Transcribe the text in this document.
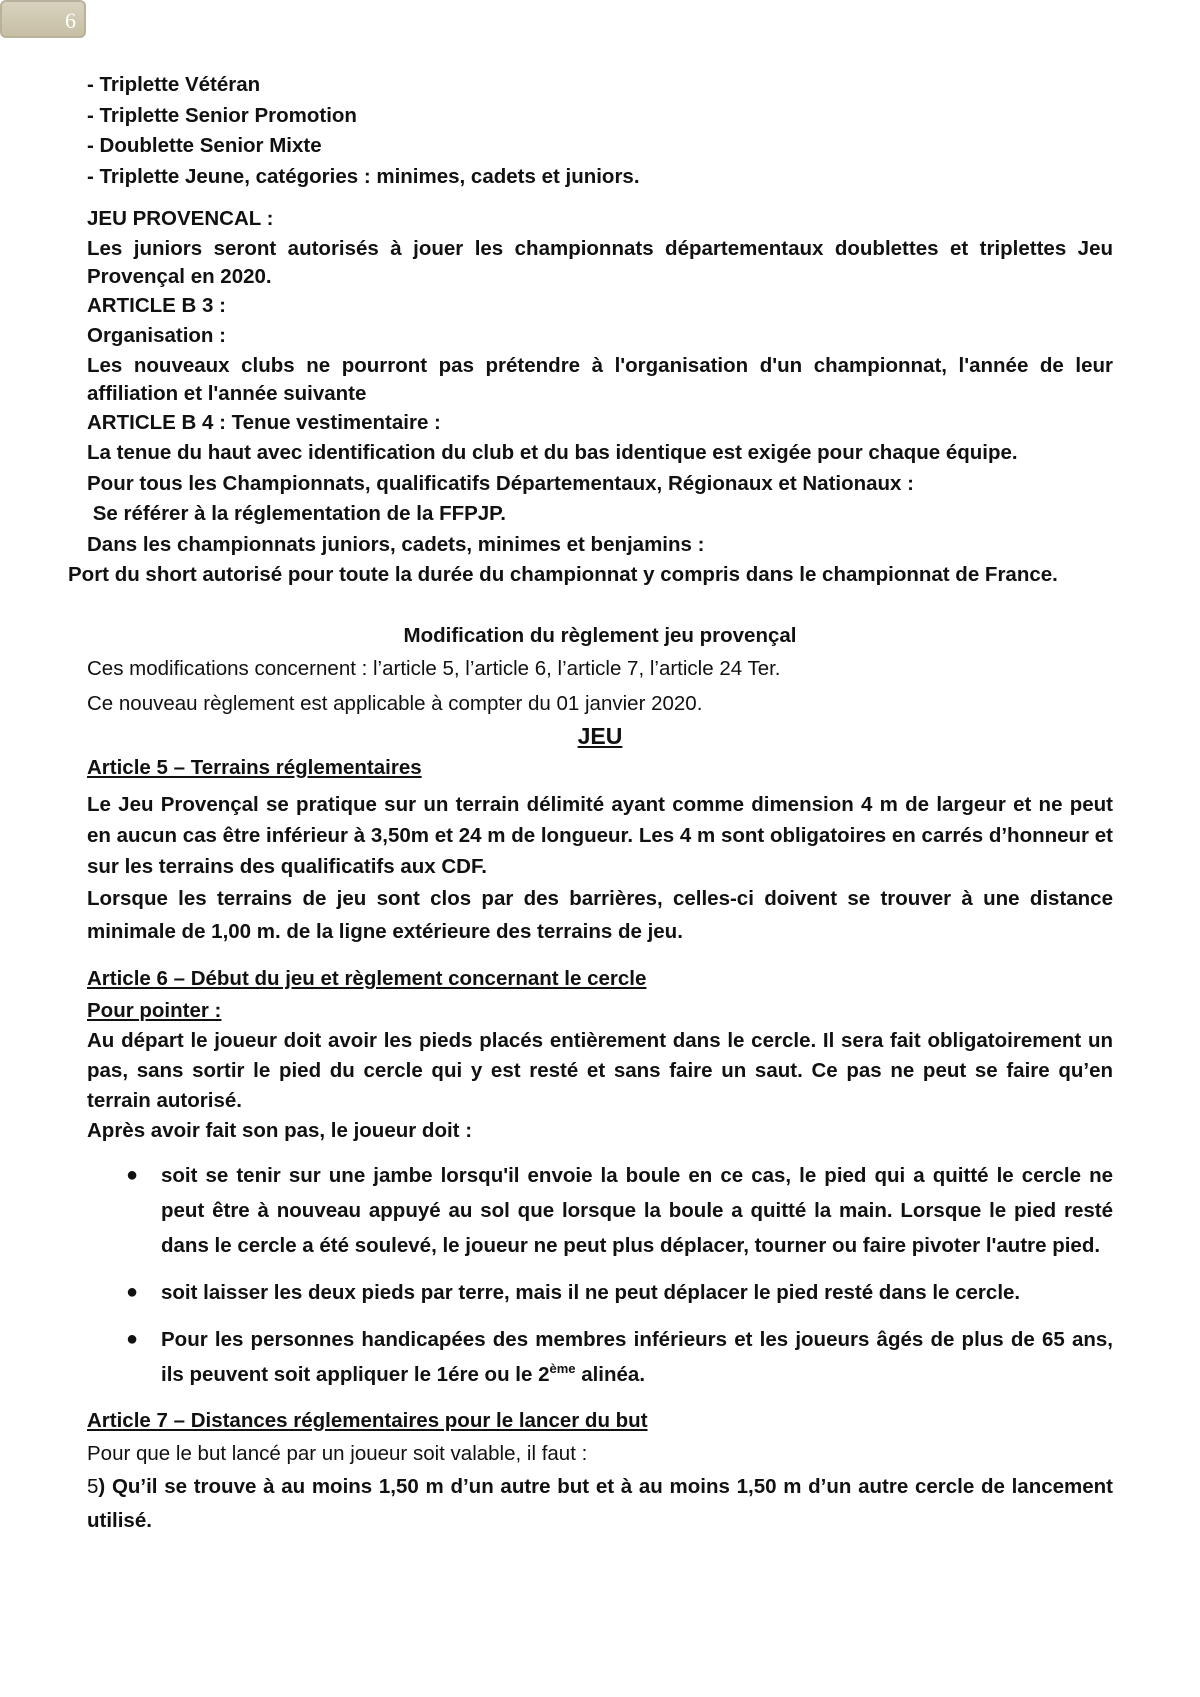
6

- Triplette Vétéran

- Triplette Senior Promotion

- Doublette Senior Mixte

- Triplette Jeune, catégories : minimes, cadets et juniors.

JEU PROVENCAL :

Les juniors seront autorisés à jouer les championnats départementaux doublettes et triplettes Jeu Provençal en 2020.

ARTICLE B 3 :

Organisation :

Les nouveaux clubs ne pourront pas prétendre à l'organisation d'un championnat, l'année de leur affiliation et l'année suivante

ARTICLE B 4 : Tenue vestimentaire :

La tenue du haut avec identification du club et du bas identique est exigée pour chaque équipe.

Pour tous les Championnats, qualificatifs Départementaux, Régionaux et Nationaux :

Se référer à la réglementation de la FFPJP.

Dans les championnats juniors, cadets, minimes et benjamins :

Port du short autorisé pour toute la durée du championnat y compris dans le championnat de France.

Modification du règlement jeu provençal

Ces modifications concernent : l’article 5, l’article 6, l’article 7, l’article 24 Ter.

Ce nouveau règlement est applicable à compter du 01 janvier 2020.

JEU

Article 5 – Terrains réglementaires

Le Jeu Provençal se pratique sur un terrain délimité ayant comme dimension 4 m de largeur et ne peut en aucun cas être inférieur à 3,50m et 24 m de longueur. Les 4 m sont obligatoires en carrés d’honneur et sur les terrains des qualificatifs aux CDF.

Lorsque les terrains de jeu sont clos par des barrières, celles-ci doivent se trouver à une distance minimale de 1,00 m. de la ligne extérieure des terrains de jeu.

Article 6 – Début du jeu et règlement concernant le cercle

Pour pointer :

Au départ le joueur doit avoir les pieds placés entièrement dans le cercle. Il sera fait obligatoirement un pas, sans sortir le pied du cercle qui y est resté et sans faire un saut. Ce pas ne peut se faire qu’en terrain autorisé.

Après avoir fait son pas, le joueur doit :

● soit se tenir sur une jambe lorsqu'il envoie la boule en ce cas, le pied qui a quitté le cercle ne peut être à nouveau appuyé au sol que lorsque la boule a quitté la main. Lorsque le pied resté dans le cercle a été soulevé, le joueur ne peut plus déplacer, tourner ou faire pivoter l'autre pied.
● soit laisser les deux pieds par terre, mais il ne peut déplacer le pied resté dans le cercle.
● Pour les personnes handicapées des membres inférieurs et les joueurs âgés de plus de 65 ans, ils peuvent soit appliquer le 1ére ou le 2ème alinéa.

Article 7 – Distances réglementaires pour le lancer du but

Pour que le but lancé par un joueur soit valable, il faut :

5) Qu’il se trouve à au moins 1,50 m d’un autre but et à au moins 1,50 m d’un autre cercle de lancement utilisé.
